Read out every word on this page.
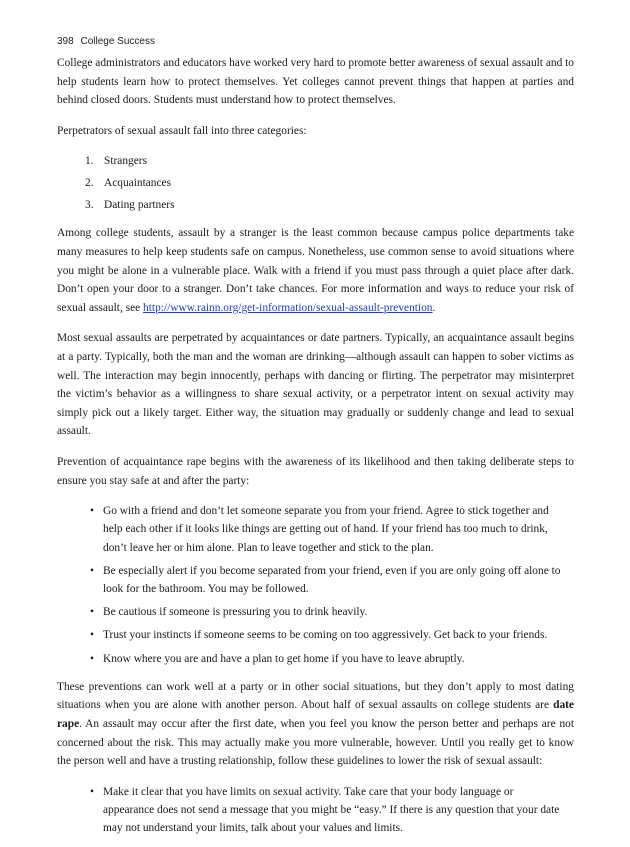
398 College Success

College administrators and educators have worked very hard to promote better awareness of sexual assault and to help students learn how to protect themselves. Yet colleges cannot prevent things that happen at parties and behind closed doors. Students must understand how to protect themselves.

Perpetrators of sexual assault fall into three categories:

1. Strangers
2. Acquaintances
3. Dating partners

Among college students, assault by a stranger is the least common because campus police departments take many measures to help keep students safe on campus. Nonetheless, use common sense to avoid situations where you might be alone in a vulnerable place. Walk with a friend if you must pass through a quiet place after dark. Don’t open your door to a stranger. Don’t take chances. For more information and ways to reduce your risk of sexual assault, see http://www.rainn.org/get-information/sexual-assault-prevention.

Most sexual assaults are perpetrated by acquaintances or date partners. Typically, an acquaintance assault begins at a party. Typically, both the man and the woman are drinking—although assault can happen to sober victims as well. The interaction may begin innocently, perhaps with dancing or flirting. The perpetrator may misinterpret the victim’s behavior as a willingness to share sexual activity, or a perpetrator intent on sexual activity may simply pick out a likely target. Either way, the situation may gradually or suddenly change and lead to sexual assault.

Prevention of acquaintance rape begins with the awareness of its likelihood and then taking deliberate steps to ensure you stay safe at and after the party:

• Go with a friend and don’t let someone separate you from your friend. Agree to stick together and help each other if it looks like things are getting out of hand. If your friend has too much to drink, don’t leave her or him alone. Plan to leave together and stick to the plan.
• Be especially alert if you become separated from your friend, even if you are only going off alone to look for the bathroom. You may be followed.
• Be cautious if someone is pressuring you to drink heavily.
• Trust your instincts if someone seems to be coming on too aggressively. Get back to your friends.
• Know where you are and have a plan to get home if you have to leave abruptly.

These preventions can work well at a party or in other social situations, but they don’t apply to most dating situations when you are alone with another person. About half of sexual assaults on college students are date rape. An assault may occur after the first date, when you feel you know the person better and perhaps are not concerned about the risk. This may actually make you more vulnerable, however. Until you really get to know the person well and have a trusting relationship, follow these guidelines to lower the risk of sexual assault:

• Make it clear that you have limits on sexual activity. Take care that your body language or appearance does not send a message that you might be “easy.” If there is any question that your date may not understand your limits, talk about your values and limits.
